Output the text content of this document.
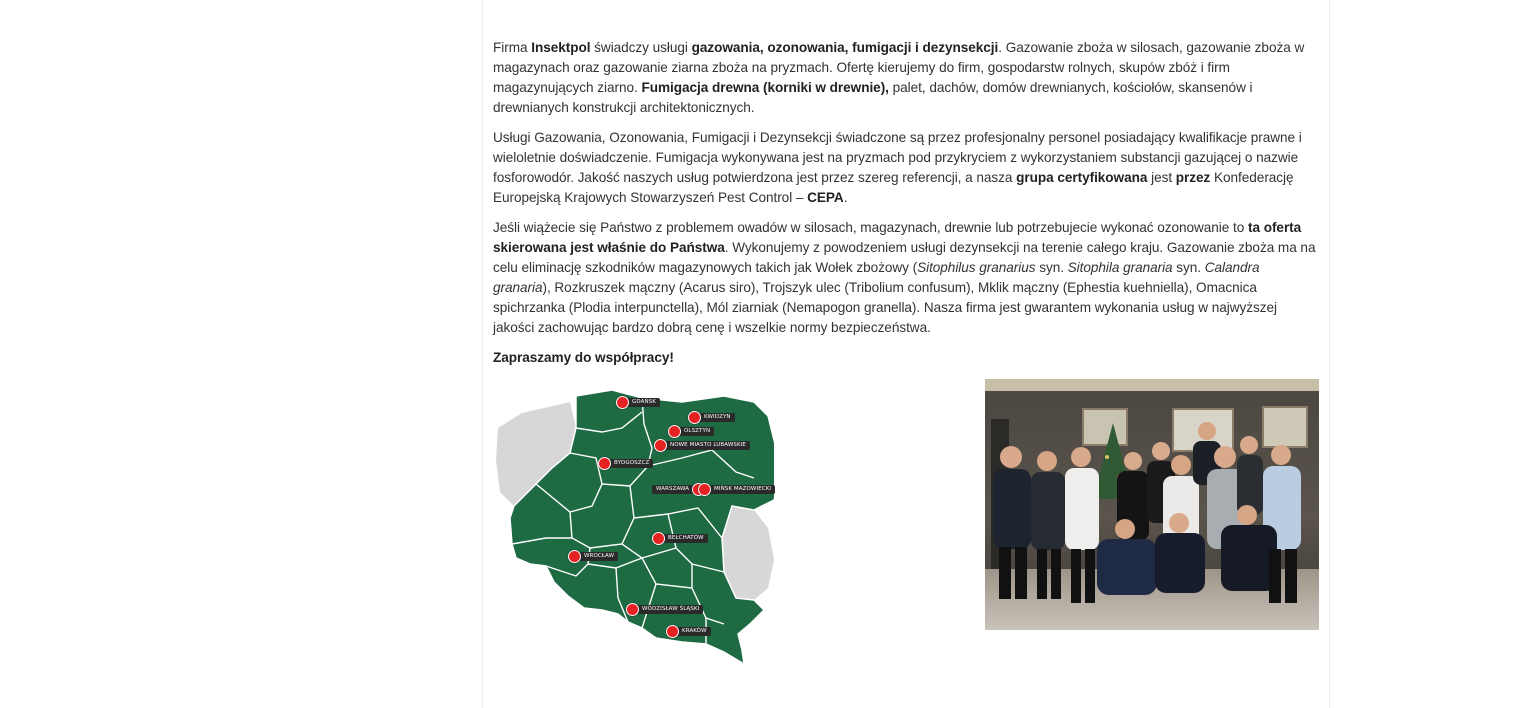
Firma Insektpol świadczy usługi gazowania, ozonowania, fumigacji i dezynsekcji. Gazowanie zboża w silosach, gazowanie zboża w magazynach oraz gazowanie ziarna zboża na pryzmach. Ofertę kierujemy do firm, gospodarstw rolnych, skupów zbóż i firm magazynujących ziarno. Fumigacja drewna (korniki w drewnie), palet, dachów, domów drewnianych, kościołów, skansenów i drewnianych konstrukcji architektonicznych.

Usługi Gazowania, Ozonowania, Fumigacji i Dezynsekcji świadczone są przez profesjonalny personel posiadający kwalifikacje prawne i wieloletnie doświadczenie. Fumigacja wykonywana jest na pryzmach pod przykryciem z wykorzystaniem substancji gazującej o nazwie fosforowodór. Jakość naszych usług potwierdzona jest przez szereg referencji, a nasza grupa certyfikowana jest przez Konfederację Europejską Krajowych Stowarzyszeń Pest Control – CEPA.

Jeśli wiążecie się Państwo z problemem owadów w silosach, magazynach, drewnie lub potrzebujecie wykonać ozonowanie to ta oferta skierowana jest właśnie do Państwa. Wykonujemy z powodzeniem usługi dezynsekcji na terenie całego kraju. Gazowanie zboża ma na celu eliminację szkodników magazynowych takich jak Wołek zbożowy (Sitophilus granarius syn. Sitophila granaria syn. Calandra granaria), Rozkruszek mączny (Acarus siro), Trojszyk ulec (Tribolium confusum), Mklik mączny (Ephestia kuehniella), Omacnica spichrzanka (Plodia interpunctella), Mól ziarniak (Nemapogon granella). Nasza firma jest gwarantem wykonania usług w najwyższej jakości zachowując bardzo dobrą cenę i wszelkie normy bezpieczeństwa.

Zapraszamy do współpracy!

GDAŃSK
KWIDZYN
OLSZTYN
NOWE MIASTO LUBAWSKIE
BYDGOSZCZ
WARSZAWA	MIŃSK MAZOWIECKI
BEŁCHATÓW
WROCŁAW
WODZISŁAW ŚLĄSKI
KRAKÓW
